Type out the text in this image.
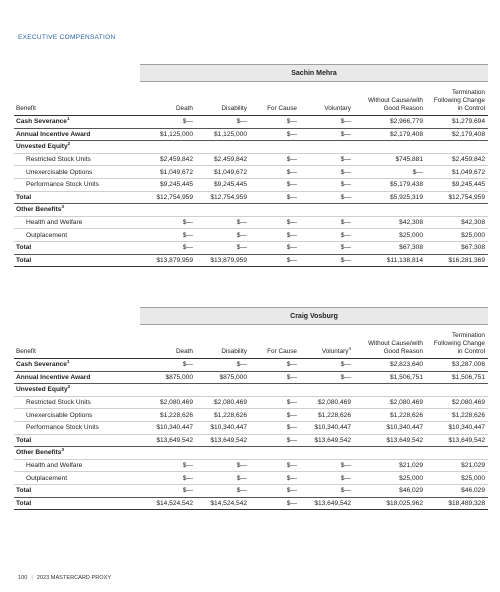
EXECUTIVE COMPENSATION
Sachin Mehra
Benefit	Death	Disability	For Cause	Voluntary
Without Cause/with
Good Reason
Termination
Following Change
in Control
Cash Severance$^1$	$—	$—	$—	$—	$2,966,779	$1,279,694
Annual Incentive Award	$1,125,000	$1,125,000	$—	$—	$2,179,408	$2,179,408
Unvested Equity$^2$
Restricted Stock Units	$2,459,842	$2,459,842	$—	$—	$745,881	$2,459,842
Unexercisable Options	$1,049,672	$1,049,672	$—	$—	$—	$1,049,672
Performance Stock Units	$9,245,445	$9,245,445	$—	$—	$5,179,438	$9,245,445
Total	$12,754,959	$12,754,959	$—	$—	$5,925,319	$12,754,959
Other Benefits$^3$
Health and Welfare	$—	$—	$—	$—	$42,308	$42,308
Outplacement	$—	$—	$—	$—	$25,000	$25,000
Total	$—	$—	$—	$—	$67,308	$67,308
Total	$13,879,959	$13,879,959	$—	$—	$11,138,814	$16,281,369
Craig Vosburg
Benefit	Death	Disability	For Cause	Voluntary$^4$
Without Cause/with
Good Reason
Termination
Following Change
in Control
Cash Severance$^1$	$—	$—	$—	$—	$2,823,640	$3,287,006
Annual Incentive Award	$875,000	$875,000	$—	$—	$1,506,751	$1,506,751
Unvested Equity$^2$
Restricted Stock Units	$2,080,469	$2,080,469	$—	$2,080,469	$2,080,469	$2,080,469
Unexercisable Options	$1,228,626	$1,228,626	$—	$1,228,626	$1,228,626	$1,228,626
Performance Stock Units	$10,340,447	$10,340,447	$—	$10,340,447	$10,340,447	$10,340,447
Total	$13,649,542	$13,649,542	$—	$13,649,542	$13,649,542	$13,649,542
Other Benefits$^3$
Health and Welfare	$—	$—	$—	$—	$21,029	$21,029
Outplacement	$—	$—	$—	$—	$25,000	$25,000
Total	$—	$—	$—	$—	$46,029	$46,029
Total	$14,524,542	$14,524,542	$—	$13,649,542	$18,025,962	$18,489,328
100 | 2023 MASTERCARD PROXY
